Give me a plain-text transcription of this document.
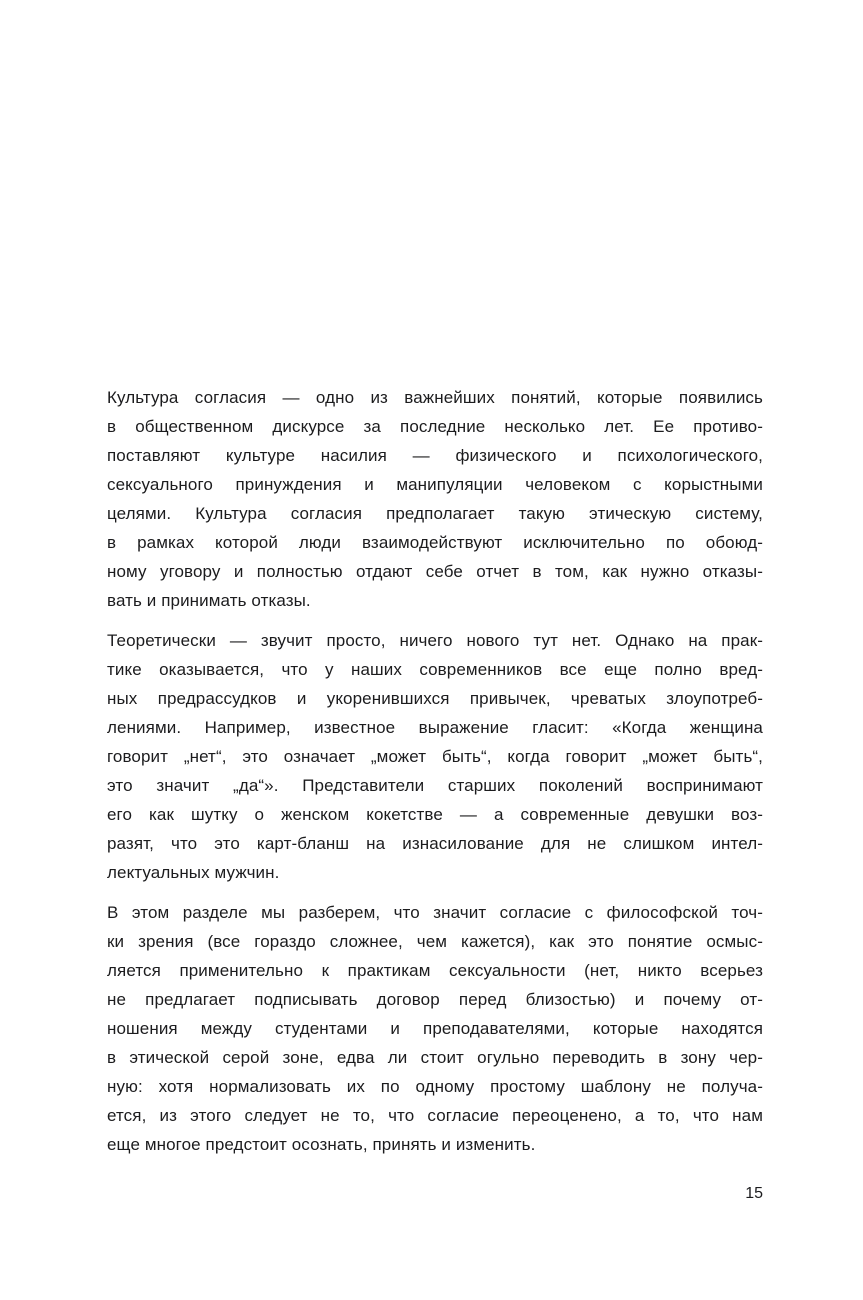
Культура согласия — одно из важнейших понятий, которые появились
в общественном дискурсе за последние несколько лет. Ее противо-
поставляют культуре насилия — физического и психологического,
сексуального принуждения и манипуляции человеком с корыстными
целями. Культура согласия предполагает такую этическую систему,
в рамках которой люди взаимодействуют исключительно по обоюд-
ному уговору и полностью отдают себе отчет в том, как нужно отказы-
вать и принимать отказы.

Теоретически — звучит просто, ничего нового тут нет. Однако на прак-
тике оказывается, что у наших современников все еще полно вред-
ных предрассудков и укоренившихся привычек, чреватых злоупотреб-
лениями. Например, известное выражение гласит: «Когда женщина
говорит „нет“, это означает „может быть“, когда говорит „может быть“,
это значит „да“». Представители старших поколений воспринимают
его как шутку о женском кокетстве — а современные девушки воз-
разят, что это карт-бланш на изнасилование для не слишком интел-
лектуальных мужчин.

В этом разделе мы разберем, что значит согласие с философской точ-
ки зрения (все гораздо сложнее, чем кажется), как это понятие осмыс-
ляется применительно к практикам сексуальности (нет, никто всерьез
не предлагает подписывать договор перед близостью) и почему от-
ношения между студентами и преподавателями, которые находятся
в этической серой зоне, едва ли стоит огульно переводить в зону чер-
ную: хотя нормализовать их по одному простому шаблону не получа-
ется, из этого следует не то, что согласие переоценено, а то, что нам
еще многое предстоит осознать, принять и изменить.

15
